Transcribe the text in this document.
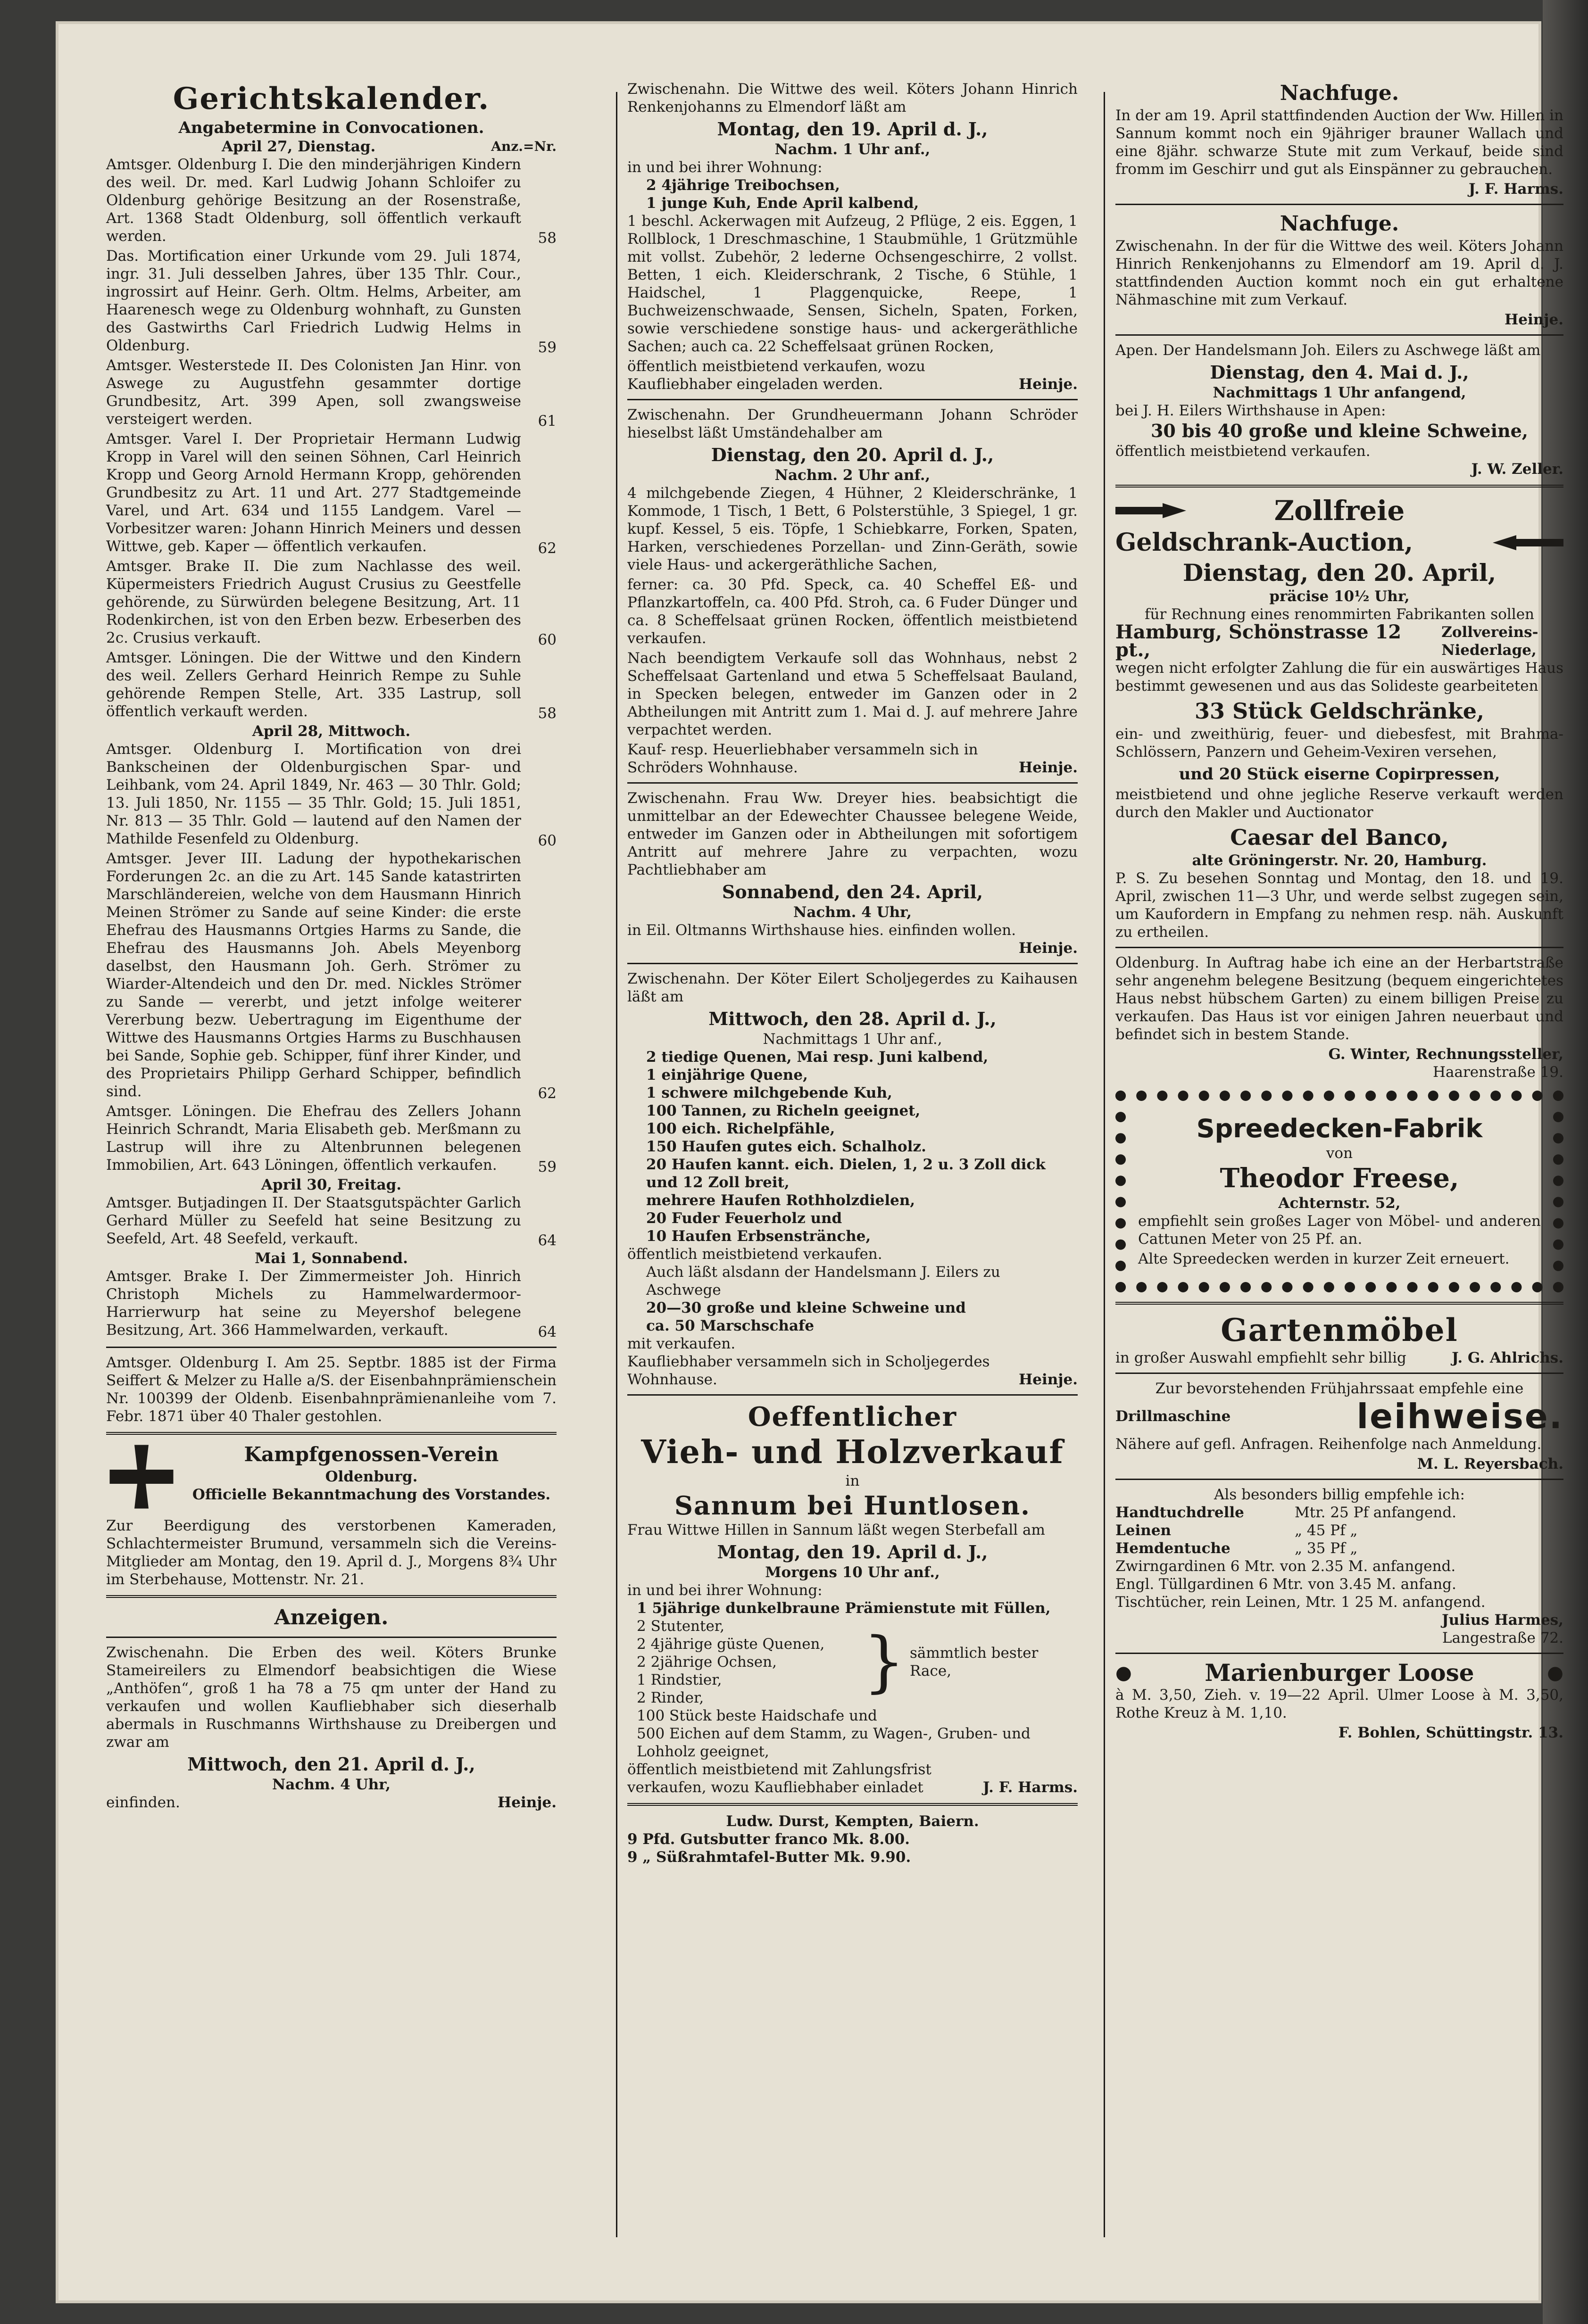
Gerichtskalender.
Angabetermine in Convocationen.
April 27, Dienstag.	Anz.=Nr.

Amtsger. Oldenburg I. Die den minderjährigen Kindern des weil. Dr. med. Karl Ludwig Johann Schloifer zu Oldenburg gehörige Besitzung an der Rosenstraße, Art. 1368 Stadt Oldenburg, soll öffentlich verkauft werden.	58

Das. Mortification einer Urkunde vom 29. Juli 1874, ingr. 31. Juli desselben Jahres, über 135 Thlr. Cour., ingrossirt auf Heinr. Gerh. Oltm. Helms, Arbeiter, am Haarenesch wege zu Oldenburg wohnhaft, zu Gunsten des Gastwirths Carl Friedrich Ludwig Helms in Oldenburg.	59

Amtsger. Westerstede II. Des Colonisten Jan Hinr. von Aswege zu Augustfehn gesammter dortige Grundbesitz, Art. 399 Apen, soll zwangsweise versteigert werden.	61

Amtsger. Varel I. Der Proprietair Hermann Ludwig Kropp in Varel will den seinen Söhnen, Carl Heinrich Kropp und Georg Arnold Hermann Kropp, gehörenden Grundbesitz zu Art. 11 und Art. 277 Stadtgemeinde Varel, und Art. 634 und 1155 Landgem. Varel — Vorbesitzer waren: Johann Hinrich Meiners und dessen Wittwe, geb. Kaper — öffentlich verkaufen.	62

Amtsger. Brake II. Die zum Nachlasse des weil. Küpermeisters Friedrich August Crusius zu Geestfelle gehörende, zu Sürwürden belegene Besitzung, Art. 11 Rodenkirchen, ist von den Erben bezw. Erbeserben des 2c. Crusius verkauft.	60

Amtsger. Löningen. Die der Wittwe und den Kindern des weil. Zellers Gerhard Heinrich Rempe zu Suhle gehörende Rempen Stelle, Art. 335 Lastrup, soll öffentlich verkauft werden.	58
April 28, Mittwoch.

Amtsger. Oldenburg I. Mortification von drei Bankscheinen der Oldenburgischen Spar- und Leihbank, vom 24. April 1849, Nr. 463 — 30 Thlr. Gold; 13. Juli 1850, Nr. 1155 — 35 Thlr. Gold; 15. Juli 1851, Nr. 813 — 35 Thlr. Gold — lautend auf den Namen der Mathilde Fesenfeld zu Oldenburg.	60

Amtsger. Jever III. Ladung der hypothekarischen Forderungen 2c. an die zu Art. 145 Sande katastrirten Marschländereien, welche von dem Hausmann Hinrich Meinen Strömer zu Sande auf seine Kinder: die erste Ehefrau des Hausmanns Ortgies Harms zu Sande, die Ehefrau des Hausmanns Joh. Abels Meyenborg daselbst, den Hausmann Joh. Gerh. Strömer zu Wiarder-Altendeich und den Dr. med. Nickles Strömer zu Sande — vererbt, und jetzt infolge weiterer Vererbung bezw. Uebertragung im Eigenthume der Wittwe des Hausmanns Ortgies Harms zu Buschhausen bei Sande, Sophie geb. Schipper, fünf ihrer Kinder, und des Proprietairs Philipp Gerhard Schipper, befindlich sind.	62

Amtsger. Löningen. Die Ehefrau des Zellers Johann Heinrich Schrandt, Maria Elisabeth geb. Merßmann zu Lastrup will ihre zu Altenbrunnen belegenen Immobilien, Art. 643 Löningen, öffentlich verkaufen.	59
April 30, Freitag.

Amtsger. Butjadingen II. Der Staatsgutspächter Garlich Gerhard Müller zu Seefeld hat seine Besitzung zu Seefeld, Art. 48 Seefeld, verkauft.	64
Mai 1, Sonnabend.

Amtsger. Brake I. Der Zimmermeister Joh. Hinrich Christoph Michels zu Hammelwardermoor-Harrierwurp hat seine zu Meyershof belegene Besitzung, Art. 366 Hammelwarden, verkauft.	64

Amtsger. Oldenburg I. Am 25. Septbr. 1885 ist der Firma Seiffert & Melzer zu Halle a/S. der Eisenbahnprämienschein Nr. 100399 der Oldenb. Eisenbahnprämienanleihe vom 7. Febr. 1871 über 40 Thaler gestohlen.

Kampfgenossen-Verein
Oldenburg.
Officielle Bekanntmachung des Vorstandes.

Zur Beerdigung des verstorbenen Kameraden, Schlachtermeister Brumund, versammeln sich die Vereins-Mitglieder am Montag, den 19. April d. J., Morgens 8¾ Uhr im Sterbehause, Mottenstr. Nr. 21.

Anzeigen.

Zwischenahn. Die Erben des weil. Köters Brunke Stameireilers zu Elmendorf beabsichtigen die Wiese „Anthöfen“, groß 1 ha 78 a 75 qm unter der Hand zu verkaufen und wollen Kaufliebhaber sich dieserhalb abermals in Ruschmanns Wirthshause zu Dreibergen und zwar am

Mittwoch, den 21. April d. J.,
Nachm. 4 Uhr,
einfinden.	Heinje.

Zwischenahn. Die Wittwe des weil. Köters Johann Hinrich Renkenjohanns zu Elmendorf läßt am

Montag, den 19. April d. J.,
Nachm. 1 Uhr anf.,
in und bei ihrer Wohnung:
2 4jährige Treibochsen,
1 junge Kuh, Ende April kalbend,

1 beschl. Ackerwagen mit Aufzeug, 2 Pflüge, 2 eis. Eggen, 1 Rollblock, 1 Dreschmaschine, 1 Staubmühle, 1 Grützmühle mit vollst. Zubehör, 2 lederne Ochsengeschirre, 2 vollst. Betten, 1 eich. Kleiderschrank, 2 Tische, 6 Stühle, 1 Haidschel, 1 Plaggenquicke, Reepe, 1 Buchweizenschwaade, Sensen, Sicheln, Spaten, Forken, sowie verschiedene sonstige haus- und ackergeräthliche Sachen; auch ca. 22 Scheffelsaat grünen Rocken,

öffentlich meistbietend verkaufen, wozu Kaufliebhaber eingeladen werden.	Heinje.

Zwischenahn. Der Grundheuermann Johann Schröder hieselbst läßt Umständehalber am

Dienstag, den 20. April d. J.,
Nachm. 2 Uhr anf.,

4 milchgebende Ziegen, 4 Hühner, 2 Kleiderschränke, 1 Kommode, 1 Tisch, 1 Bett, 6 Polsterstühle, 3 Spiegel, 1 gr. kupf. Kessel, 5 eis. Töpfe, 1 Schiebkarre, Forken, Spaten, Harken, verschiedenes Porzellan- und Zinn-Geräth, sowie viele Haus- und ackergeräthliche Sachen,

ferner: ca. 30 Pfd. Speck, ca. 40 Scheffel Eß- und Pflanzkartoffeln, ca. 400 Pfd. Stroh, ca. 6 Fuder Dünger und ca. 8 Scheffelsaat grünen Rocken, öffentlich meistbietend verkaufen.

Nach beendigtem Verkaufe soll das Wohnhaus, nebst 2 Scheffelsaat Gartenland und etwa 5 Scheffelsaat Bauland, in Specken belegen, entweder im Ganzen oder in 2 Abtheilungen mit Antritt zum 1. Mai d. J. auf mehrere Jahre verpachtet werden.

Kauf- resp. Heuerliebhaber versammeln sich in Schröders Wohnhause.	Heinje.

Zwischenahn. Frau Ww. Dreyer hies. beabsichtigt die unmittelbar an der Edewechter Chaussee belegene Weide, entweder im Ganzen oder in Abtheilungen mit sofortigem Antritt auf mehrere Jahre zu verpachten, wozu Pachtliebhaber am

Sonnabend, den 24. April,
Nachm. 4 Uhr,
in Eil. Oltmanns Wirthshause hies. einfinden wollen.
Heinje.

Zwischenahn. Der Köter Eilert Scholjegerdes zu Kaihausen läßt am

Mittwoch, den 28. April d. J.,
Nachmittags 1 Uhr anf.,
2 tiedige Quenen, Mai resp. Juni kalbend,
1 einjährige Quene,
1 schwere milchgebende Kuh,
100 Tannen, zu Richeln geeignet,
100 eich. Richelpfähle,
150 Haufen gutes eich. Schalholz.
20 Haufen kannt. eich. Dielen, 1, 2 u. 3 Zoll dick und 12 Zoll breit,
mehrere Haufen Rothholzdielen,
20 Fuder Feuerholz und
10 Haufen Erbsenstränche,
öffentlich meistbietend verkaufen.
Auch läßt alsdann der Handelsmann J. Eilers zu Aschwege
20—30 große und kleine Schweine und
ca. 50 Marschschafe
mit verkaufen.
Kaufliebhaber versammeln sich in Scholjegerdes Wohnhause.	Heinje.
Oeffentlicher
Vieh- und Holzverkauf
in
Sannum bei Huntlosen.

Frau Wittwe Hillen in Sannum läßt wegen Sterbefall am

Montag, den 19. April d. J.,
Morgens 10 Uhr anf.,
in und bei ihrer Wohnung:
1 5jährige dunkelbraune Prämienstute mit Füllen,
2 Stutenter,
2 4jährige güste Quenen,
2 2jährige Ochsen,
1 Rindstier,
2 Rinder,	} sämmtlich bester Race,
100 Stück beste Haidschafe und
500 Eichen auf dem Stamm, zu Wagen-, Gruben- und Lohholz geeignet,
öffentlich meistbietend mit Zahlungsfrist verkaufen, wozu Kaufliebhaber einladet	J. F. Harms.
Ludw. Durst, Kempten, Baiern.
9 Pfd. Gutsbutter franco Mk. 8.00.
9 „ Süßrahmtafel-Butter Mk. 9.90.
Nachfuge.

In der am 19. April stattfindenden Auction der Ww. Hillen in Sannum kommt noch ein 9jähriger brauner Wallach und eine 8jähr. schwarze Stute mit zum Verkauf, beide sind fromm im Geschirr und gut als Einspänner zu gebrauchen.

J. F. Harms.
Nachfuge.

Zwischenahn. In der für die Wittwe des weil. Köters Johann Hinrich Renkenjohanns zu Elmendorf am 19. April d. J. stattfindenden Auction kommt noch ein gut erhaltene Nähmaschine mit zum Verkauf.

Heinje.

Apen. Der Handelsmann Joh. Eilers zu Aschwege läßt am

Dienstag, den 4. Mai d. J.,
Nachmittags 1 Uhr anfangend,
bei J. H. Eilers Wirthshause in Apen:
30 bis 40 große und kleine Schweine,
öffentlich meistbietend verkaufen.
J. W. Zeller.
Zollfreie
Geldschrank-Auction,
Dienstag, den 20. April,
präcise 10½ Uhr,
für Rechnung eines renommirten Fabrikanten sollen
Hamburg, Schönstrasse 12 pt.,
Zollvereins-Niederlage,

wegen nicht erfolgter Zahlung die für ein auswärtiges Haus bestimmt gewesenen und aus das Solideste gearbeiteten

33 Stück Geldschränke,

ein- und zweithürig, feuer- und diebesfest, mit Brahma-Schlössern, Panzern und Geheim-Vexiren versehen,

und 20 Stück eiserne Copirpressen,

meistbietend und ohne jegliche Reserve verkauft werden durch den Makler und Auctionator

Caesar del Banco,
alte Gröningerstr. Nr. 20, Hamburg.

P. S. Zu besehen Sonntag und Montag, den 18. und 19. April, zwischen 11—3 Uhr, und werde selbst zugegen sein, um Kaufordern in Empfang zu nehmen resp. näh. Auskunft zu ertheilen.

Oldenburg. In Auftrag habe ich eine an der Herbartstraße sehr angenehm belegene Besitzung (bequem eingerichtetes Haus nebst hübschem Garten) zu einem billigen Preise zu verkaufen. Das Haus ist vor einigen Jahren neuerbaut und befindet sich in bestem Stande.

G. Winter, Rechnungssteller,
Haarenstraße 19.
Spreedecken-Fabrik
von
Theodor Freese,
Achternstr. 52,

empfiehlt sein großes Lager von Möbel- und anderen Cattunen Meter von 25 Pf. an.

Alte Spreedecken werden in kurzer Zeit erneuert.

Gartenmöbel
in großer Auswahl empfiehlt sehr billig	J. G. Ahlrichs.
Zur bevorstehenden Frühjahrssaat empfehle eine
Drillmaschine	leihweise.

Nähere auf gefl. Anfragen. Reihenfolge nach Anmeldung.

M. L. Reyersbach.
Als besonders billig empfehle ich:
Handtuchdrelle	Mtr. 25 Pf anfangend.
Leinen	„ 45 Pf „
Hemdentuche	„ 35 Pf „
Zwirngardinen 6 Mtr. von 2.35 M. anfangend.
Engl. Tüllgardinen 6 Mtr. von 3.45 M. anfang.
Tischtücher, rein Leinen, Mtr. 1 25 M. anfangend.
Julius Harmes,
Langestraße 72.
●	Marienburger Loose	●

à M. 3,50, Zieh. v. 19—22 April. Ulmer Loose à M. 3,50, Rothe Kreuz à M. 1,10.

F. Bohlen, Schüttingstr. 13.
